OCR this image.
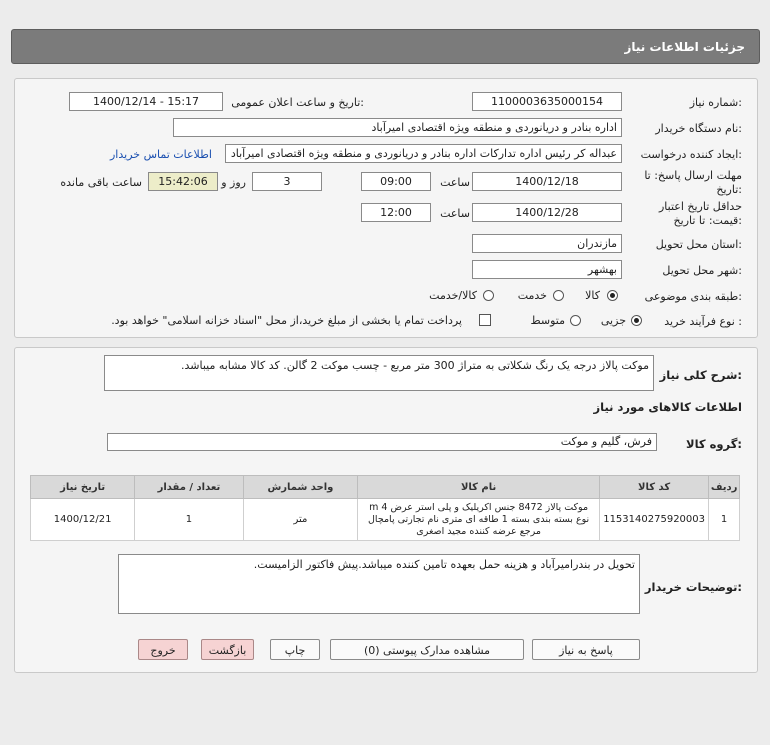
جزئیات اطلاعات نیاز
شماره نیاز:
1100003635000154
تاریخ و ساعت اعلان عمومی:
1400/12/14 - 15:17
نام دستگاه خریدار:
اداره بنادر و دریانوردی و منطقه ویژه اقتصادی امیرآباد
ایجاد کننده درخواست:
عبداله کر رئیس اداره تدارکات اداره بنادر و دریانوردی و منطقه ویژه اقتصادی امیرآباد
اطلاعات تماس خریدار
مهلت ارسال پاسخ: تا
تاریخ:
1400/12/18
ساعت
09:00
3
روز و
15:42:06
ساعت باقی مانده
حداقل تاریخ اعتبار
قیمت: تا تاریخ:
1400/12/28
ساعت
12:00
استان محل تحویل:
مازندران
شهر محل تحویل:
بهشهر
طبقه بندی موضوعی:
کالا
خدمت
کالا/خدمت
نوع فرآیند خرید :
جزیی
متوسط
پرداخت تمام یا بخشی از مبلغ خرید،از محل "اسناد خزانه اسلامی" خواهد بود.
شرح کلی نیاز:
موکت پالاز درجه یک رنگ شکلاتی به متراژ 300 متر مربع - چسب موکت 2 گالن. کد کالا مشابه میباشد.
اطلاعات کالاهای مورد نیاز
گروه کالا:
فرش، گلیم و موکت
ردیف	کد کالا	نام کالا	واحد شمارش	تعداد / مقدار	تاریخ نیاز
1	1153140275920003	موکت پالاز 8472 جنس اکریلیک و پلی استر عرض m 4 نوع بسته بندی بسته 1 طاقه ای متری نام تجارتی پامچال مرجع عرضه کننده مجید اصغری	متر	1	1400/12/21
توضیحات خریدار:
تحویل در بندرامیرآباد و هزینه حمل بعهده تامین کننده میباشد.پیش فاکتور الزامیست.
پاسخ به نیاز
مشاهده مدارک پیوستی (0)
چاپ
بازگشت
خروج
